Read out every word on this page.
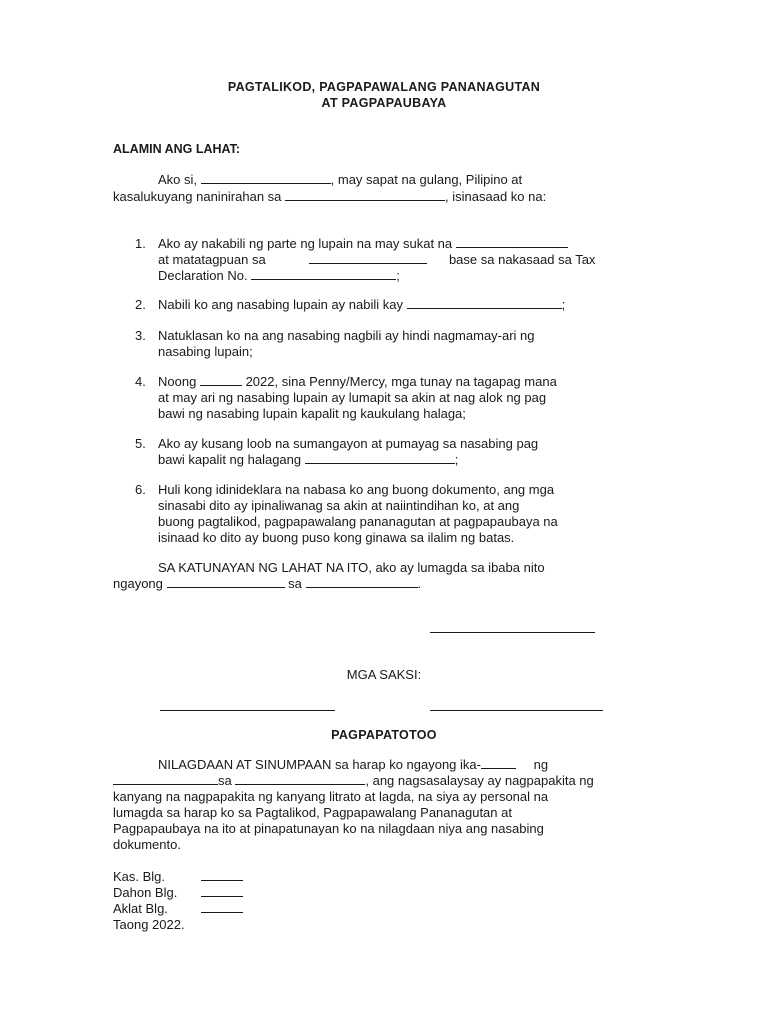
PAGTALIKOD, PAGPAPAWALANG PANANAGUTAN
AT PAGPAPAUBAYA
ALAMIN ANG LAHAT:
Ako si,	, may sapat na gulang, Pilipino at
kasalukuyang naninirahan sa	, isinasaad ko na:
1. Ako ay nakabili ng parte ng lupain na may sukat na
at matatagpuan sa	base sa nakasaad sa Tax
Declaration No.	;
2. Nabili ko ang nasabing lupain ay nabili kay	;
3. Natuklasan ko na ang nasabing nagbili ay hindi nagmamay-ari ng
nasabing lupain;
4. Noong	2022, sina Penny/Mercy, mga tunay na tagapag mana
at may ari ng nasabing lupain ay lumapit sa akin at nag alok ng pag
bawi ng nasabing lupain kapalit ng kaukulang halaga;
5. Ako ay kusang loob na sumangayon at pumayag sa nasabing pag
bawi kapalit ng halagang	;
6. Huli kong idinideklara na nabasa ko ang buong dokumento, ang mga
sinasabi dito ay ipinaliwanag sa akin at naiintindihan ko, at ang
buong pagtalikod, pagpapawalang pananagutan at pagpapaubaya na
isinaad ko dito ay buong puso kong ginawa sa ilalim ng batas.
SA KATUNAYAN NG LAHAT NA ITO, ako ay lumagda sa ibaba nito
ngayong	sa	.
MGA SAKSI:
PAGPAPATOTOO
NILAGDAAN AT SINUMPAAN sa harap ko ngayong ika-	ng
sa	, ang nagsasalaysay ay nagpapakita ng
kanyang na nagpapakita ng kanyang litrato at lagda, na siya ay personal na
lumagda sa harap ko sa Pagtalikod, Pagpapawalang Pananagutan at
Pagpapaubaya na ito at pinapatunayan ko na nilagdaan niya ang nasabing
dokumento.
Kas. Blg.
Dahon Blg.
Aklat Blg.
Taong 2022.
